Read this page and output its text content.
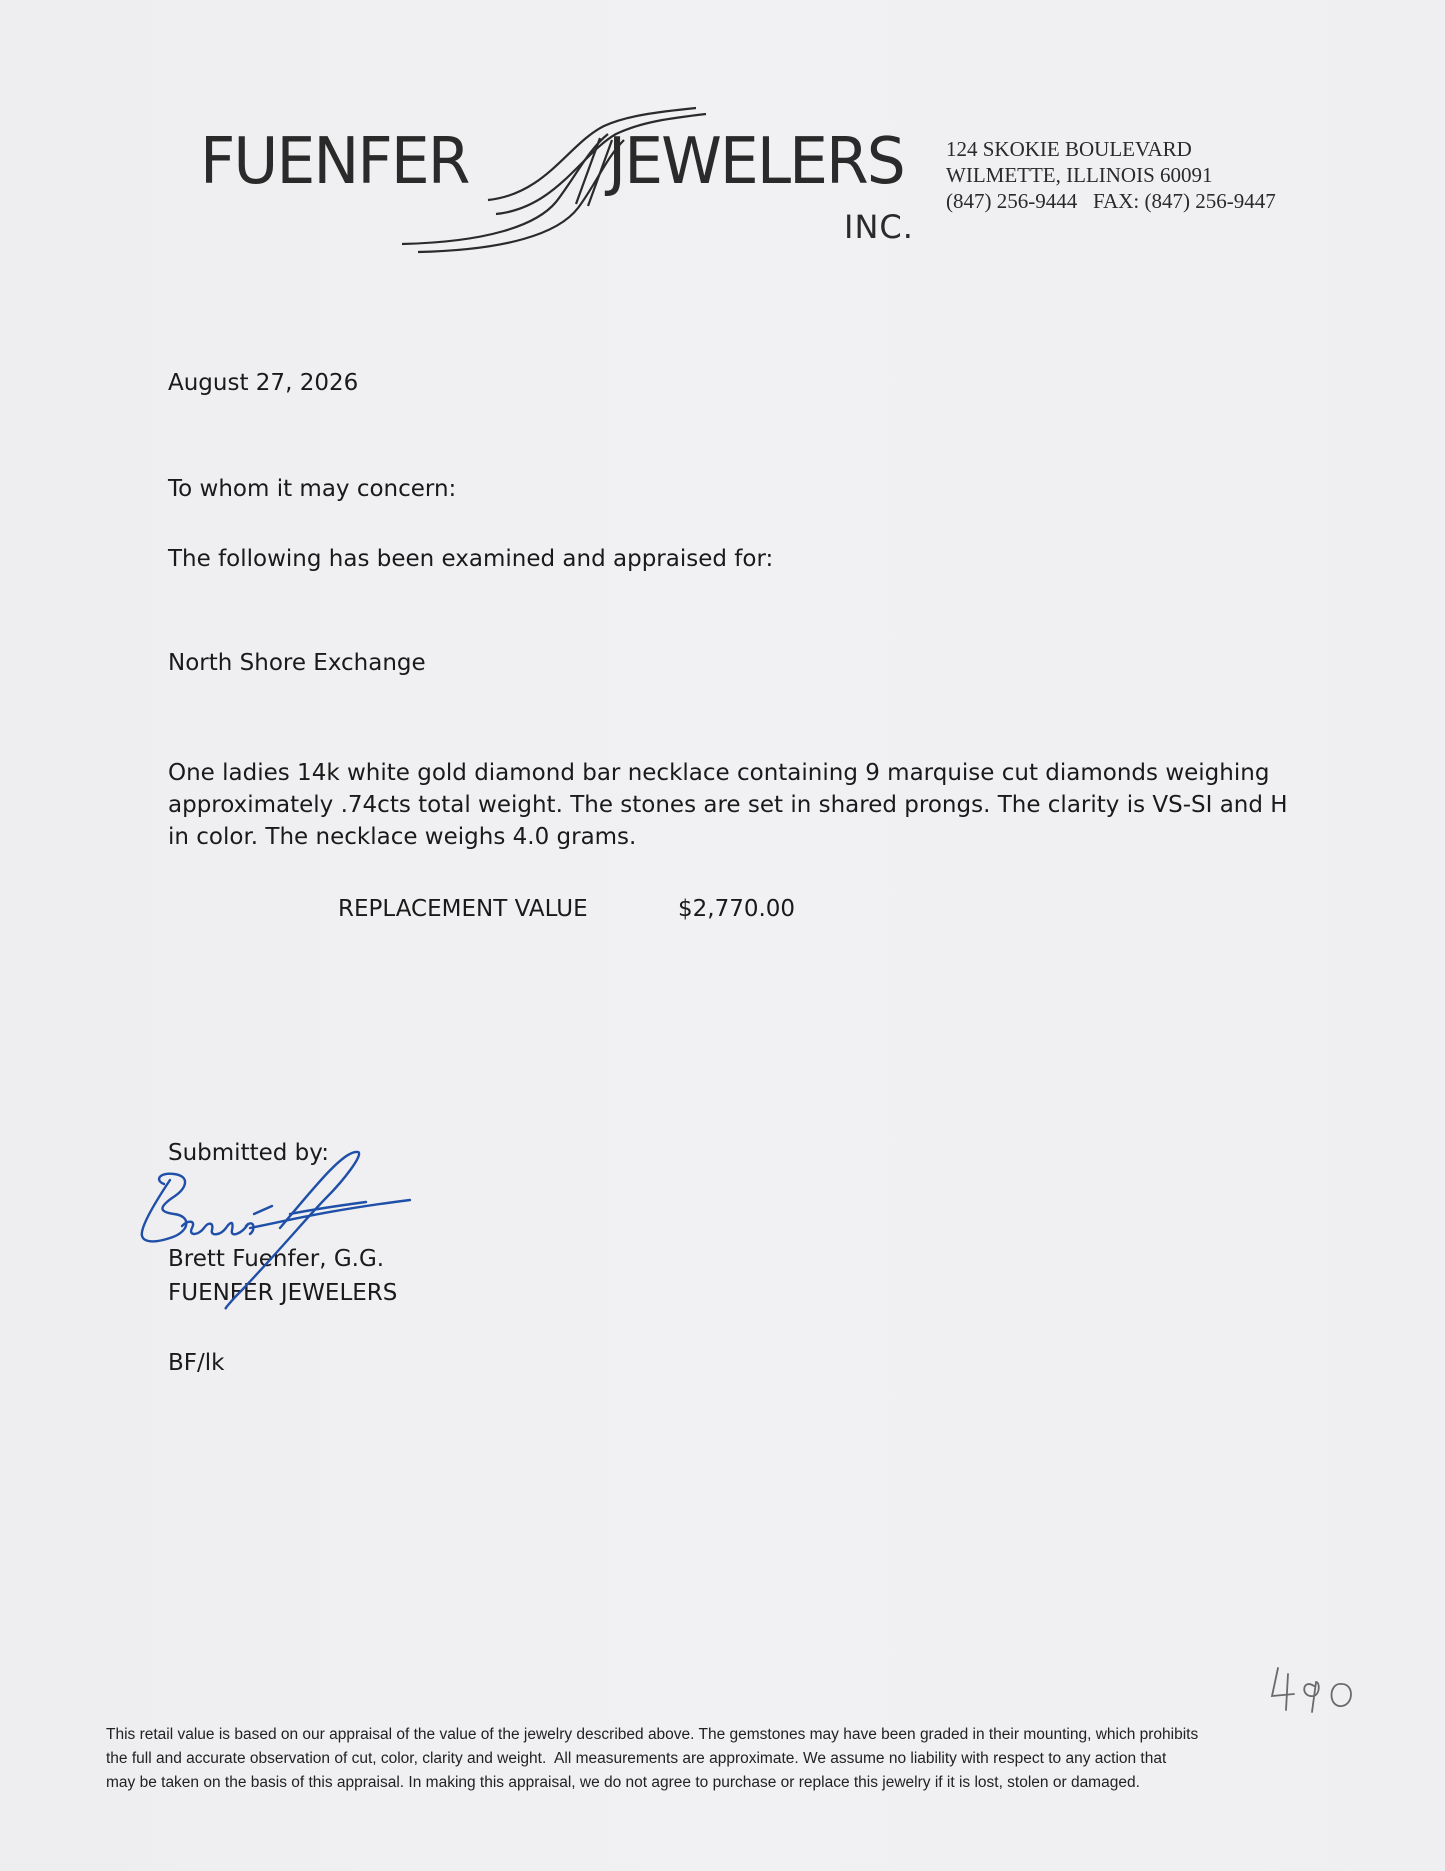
FUENFER JEWELERS
INC.
124 SKOKIE BOULEVARD
WILMETTE, ILLINOIS 60091
(847) 256-9444   FAX: (847) 256-9447
August 27, 2026
To whom it may concern:
The following has been examined and appraised for:
North Shore Exchange
One ladies 14k white gold diamond bar necklace containing 9 marquise cut diamonds weighing
approximately .74cts total weight. The stones are set in shared prongs. The clarity is VS-SI and H
in color. The necklace weighs 4.0 grams.
REPLACEMENT VALUE	$2,770.00
Submitted by:
Brett Fuenfer, G.G.
FUENFER JEWELERS
BF/lk
This retail value is based on our appraisal of the value of the jewelry described above. The gemstones may have been graded in their mounting, which prohibits
the full and accurate observation of cut, color, clarity and weight.  All measurements are approximate. We assume no liability with respect to any action that
may be taken on the basis of this appraisal. In making this appraisal, we do not agree to purchase or replace this jewelry if it is lost, stolen or damaged.
